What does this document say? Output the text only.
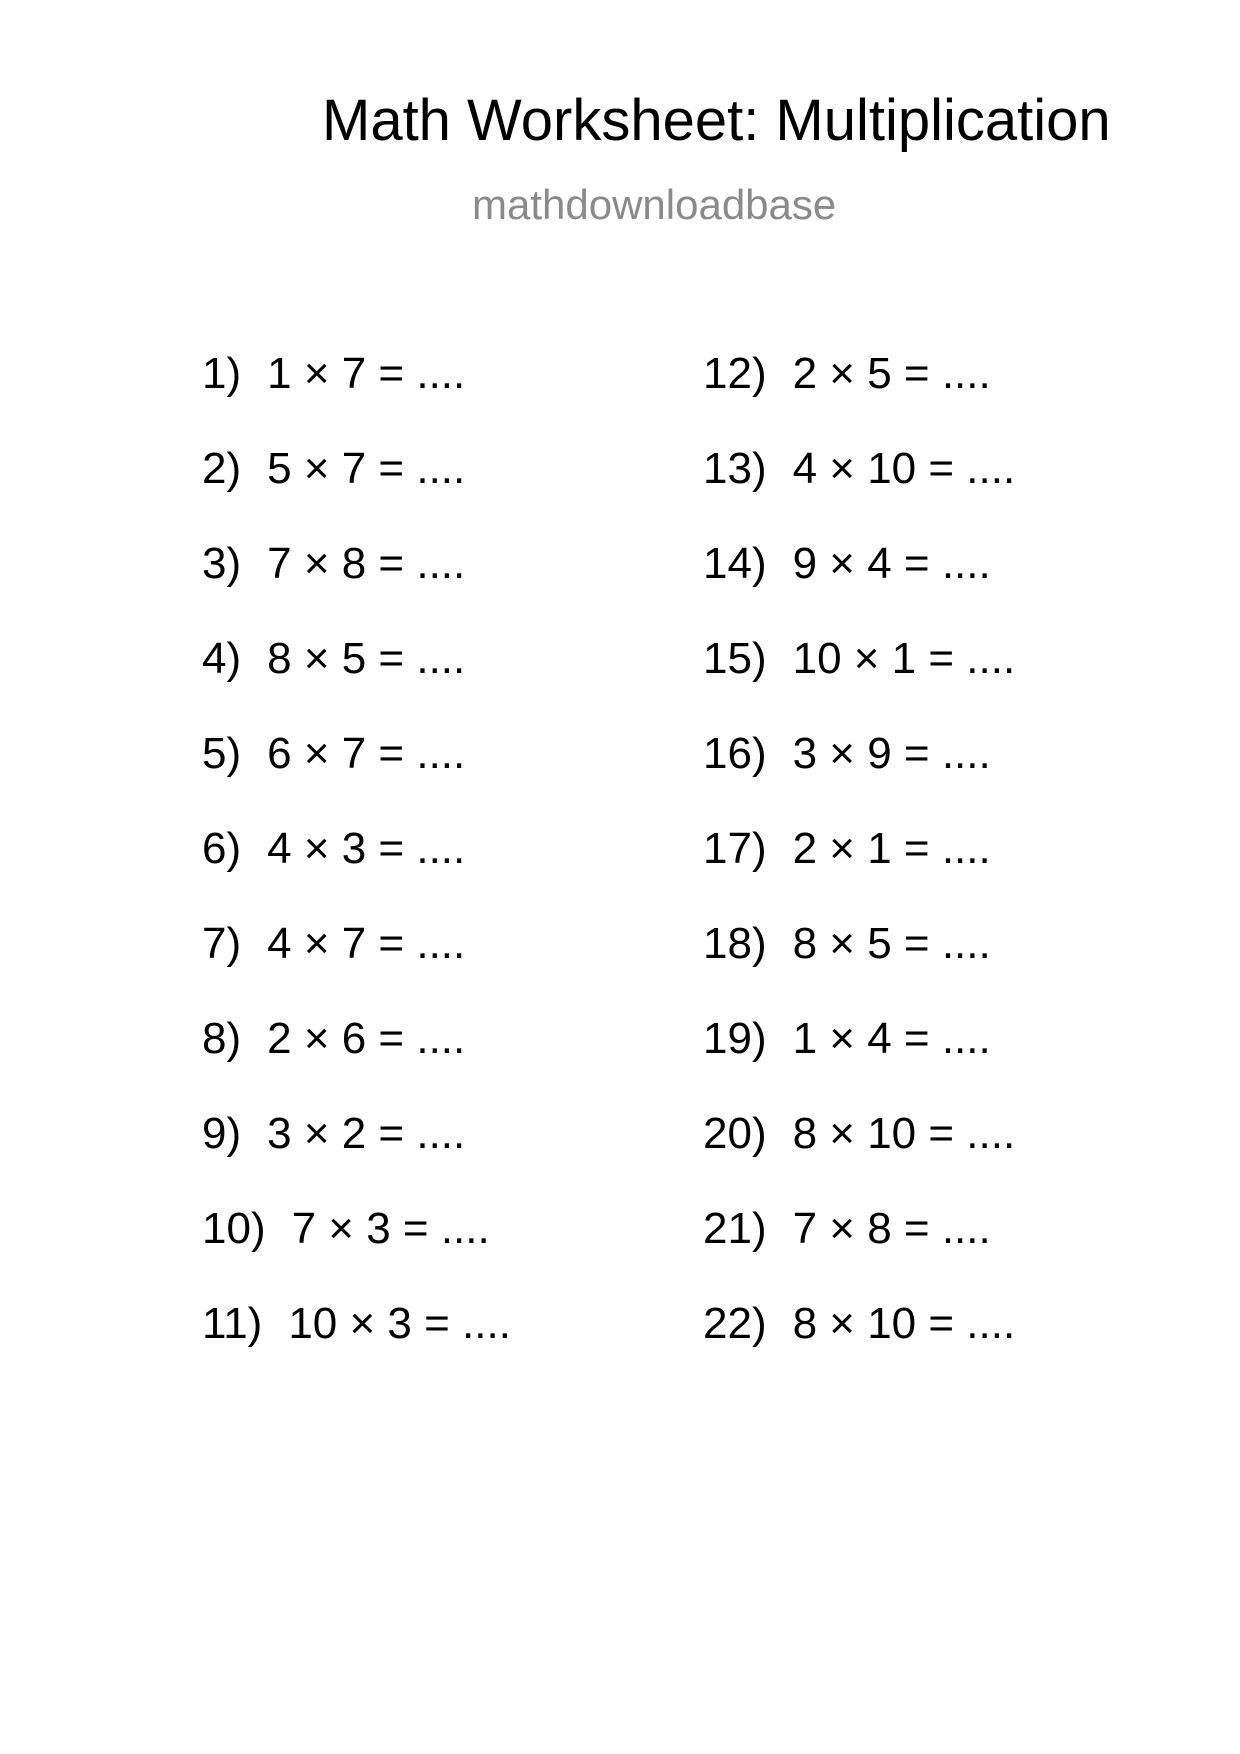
Math Worksheet: Multiplication
mathdownloadbase
1) 1 × 7 = ....
2) 5 × 7 = ....
3) 7 × 8 = ....
4) 8 × 5 = ....
5) 6 × 7 = ....
6) 4 × 3 = ....
7) 4 × 7 = ....
8) 2 × 6 = ....
9) 3 × 2 = ....
10) 7 × 3 = ....
11) 10 × 3 = ....
12) 2 × 5 = ....
13) 4 × 10 = ....
14) 9 × 4 = ....
15) 10 × 1 = ....
16) 3 × 9 = ....
17) 2 × 1 = ....
18) 8 × 5 = ....
19) 1 × 4 = ....
20) 8 × 10 = ....
21) 7 × 8 = ....
22) 8 × 10 = ....
